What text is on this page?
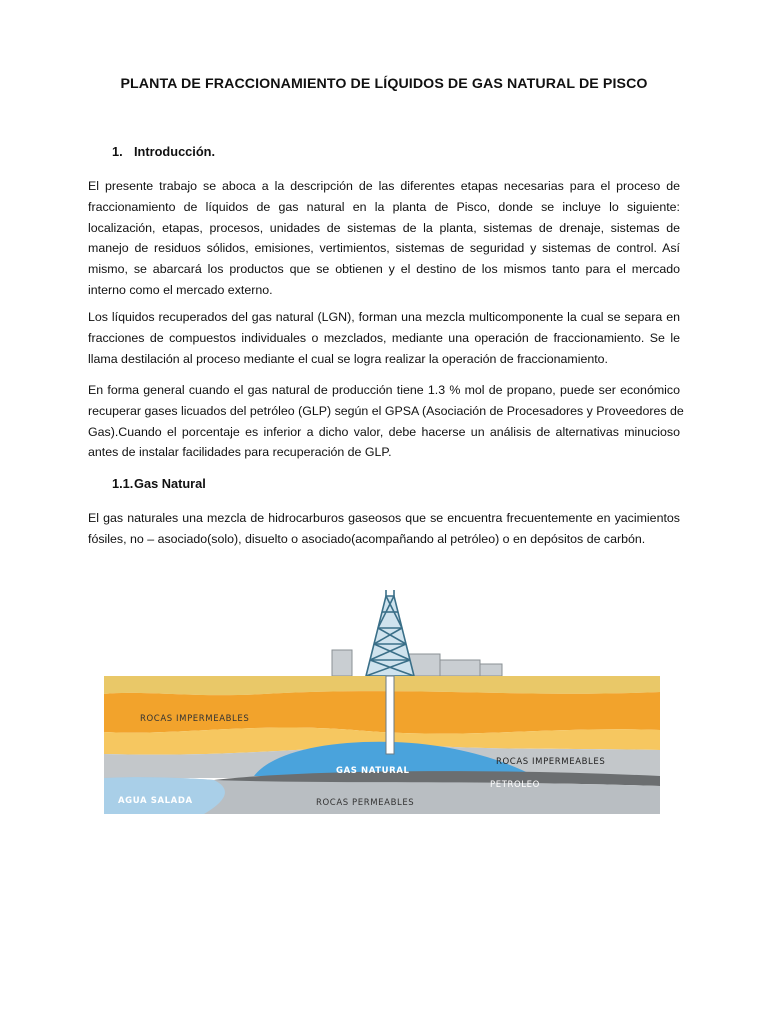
PLANTA DE FRACCIONAMIENTO DE LÍQUIDOS DE GAS NATURAL DE PISCO
1. Introducción.

El presente trabajo se aboca a la descripción de las diferentes etapas necesarias para el proceso de
fraccionamiento de líquidos de gas natural en la planta de Pisco, donde se incluye lo siguiente:
localización, etapas, procesos, unidades de sistemas de la planta, sistemas de drenaje, sistemas de
manejo de residuos sólidos, emisiones, vertimientos, sistemas de seguridad y sistemas de control. Así
mismo, se abarcará los productos que se obtienen y el destino de los mismos tanto para el mercado
interno como el mercado externo.

Los líquidos recuperados del gas natural (LGN), forman una mezcla multicomponente la cual se separa en
fracciones de compuestos individuales o mezclados, mediante una operación de fraccionamiento. Se le
llama destilación al proceso mediante el cual se logra realizar la operación de fraccionamiento.

En forma general cuando el gas natural de producción tiene 1.3 % mol de propano, puede ser económico
recuperar gases licuados del petróleo (GLP) según el GPSA (Asociación de Procesadores y Proveedores de
Gas).Cuando el porcentaje es inferior a dicho valor, debe hacerse un análisis de alternativas minucioso
antes de instalar facilidades para recuperación de GLP.

1.1.Gas Natural

El gas naturales una mezcla de hidrocarburos gaseosos que se encuentra frecuentemente en yacimientos
fósiles, no – asociado(solo), disuelto o asociado(acompañando al petróleo) o en depósitos de carbón.

ROCAS IMPERMEABLES
GAS NATURAL
ROCAS IMPERMEABLES
PETROLEO
AGUA SALADA	ROCAS PERMEABLES
